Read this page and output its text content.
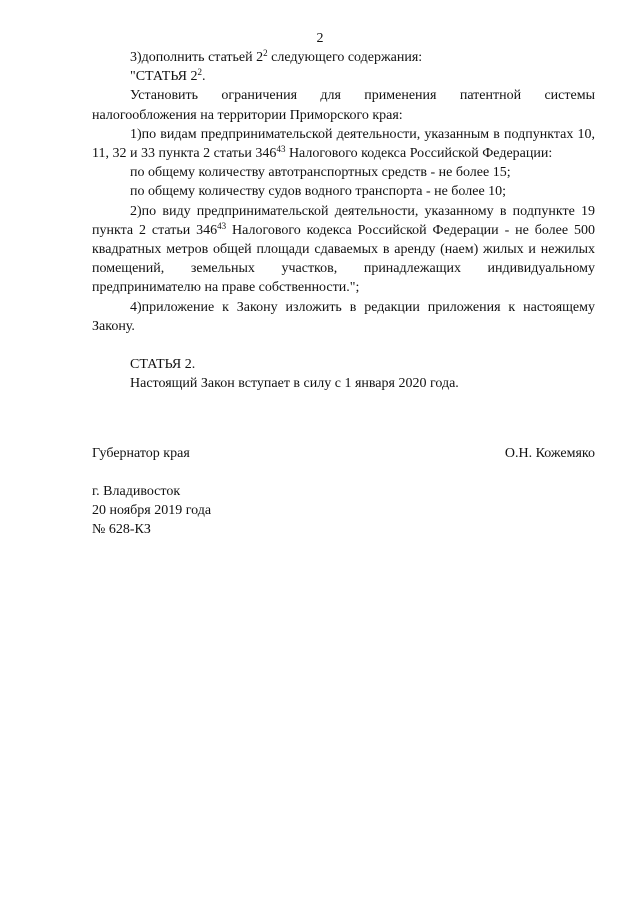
2

3)дополнить статьей $2^2$ следующего содержания:

"СТАТЬЯ $2^2$.

Установить ограничения для применения патентной системы налогообложения на территории Приморского края:

1)по видам предпринимательской деятельности, указанным в подпунктах 10, 11, 32 и 33 пункта 2 статьи $346^{43}$ Налогового кодекса Российской Федерации:

по общему количеству автотранспортных средств - не более 15;

по общему количеству судов водного транспорта - не более 10;

2)по виду предпринимательской деятельности, указанному в подпункте 19 пункта 2 статьи $346^{43}$ Налогового кодекса Российской Федерации - не более 500 квадратных метров общей площади сдаваемых в аренду (наем) жилых и нежилых помещений, земельных участков, принадлежащих индивидуальному предпринимателю на праве собственности.";

4)приложение к Закону изложить в редакции приложения к настоящему Закону.

СТАТЬЯ 2.

Настоящий Закон вступает в силу с 1 января 2020 года.

Губернатор края	О.Н. Кожемяко
г. Владивосток
20 ноября 2019 года
№ 628-КЗ
